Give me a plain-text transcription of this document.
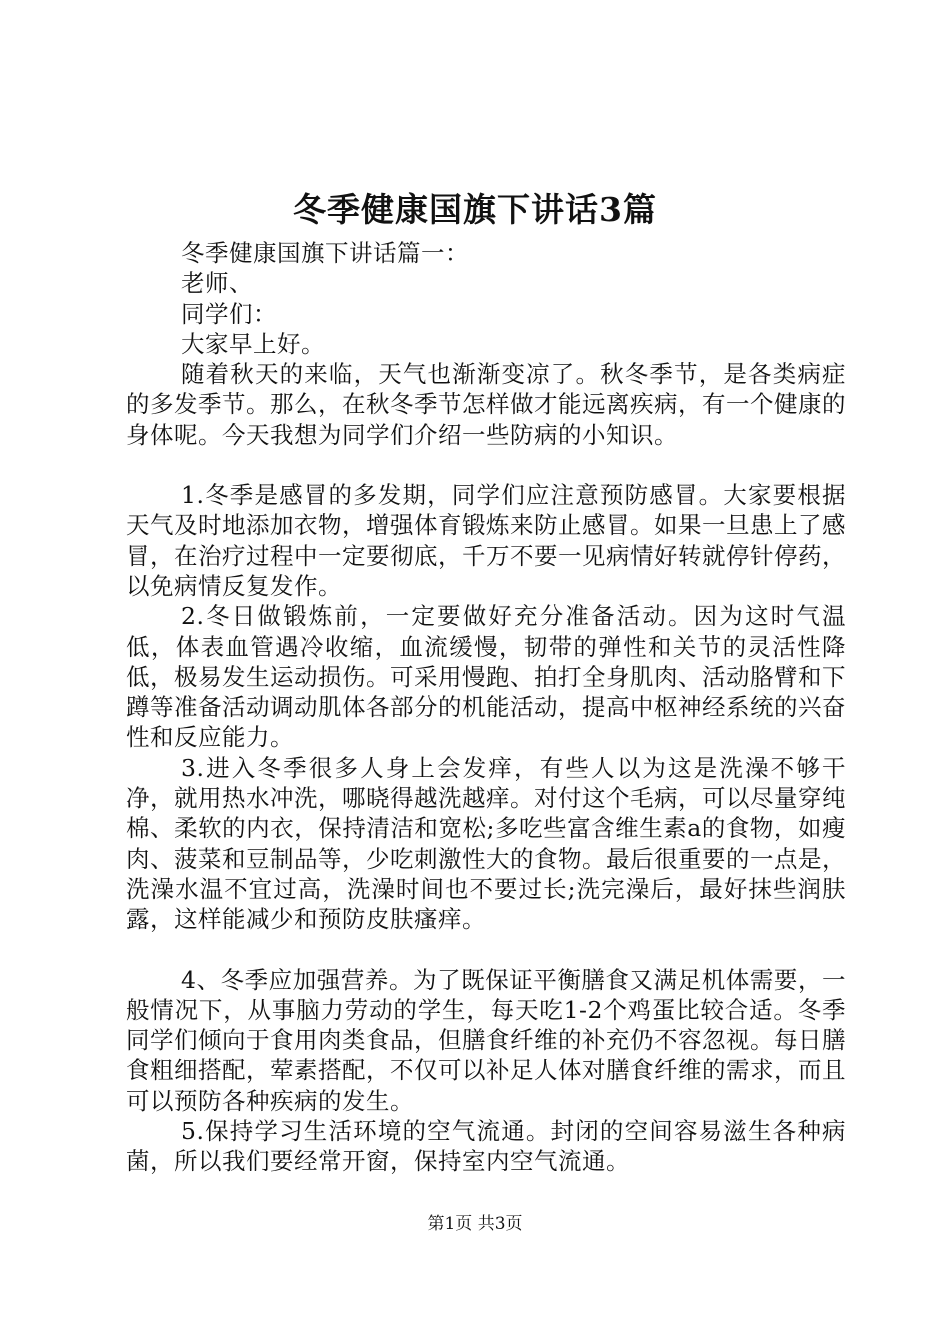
冬季健康国旗下讲话3篇

冬季健康国旗下讲话篇一：

老师、

同学们：

大家早上好。

随着秋天的来临，天气也渐渐变凉了。秋冬季节，是各类病症的多发季节。那么，在秋冬季节怎样做才能远离疾病，有一个健康的身体呢。今天我想为同学们介绍一些防病的小知识。

1.冬季是感冒的多发期，同学们应注意预防感冒。大家要根据天气及时地添加衣物，增强体育锻炼来防止感冒。如果一旦患上了感冒，在治疗过程中一定要彻底，千万不要一见病情好转就停针停药，以免病情反复发作。

2.冬日做锻炼前，一定要做好充分准备活动。因为这时气温低，体表血管遇冷收缩，血流缓慢，韧带的弹性和关节的灵活性降低，极易发生运动损伤。可采用慢跑、拍打全身肌肉、活动胳臂和下蹲等准备活动调动肌体各部分的机能活动，提高中枢神经系统的兴奋性和反应能力。

3.进入冬季很多人身上会发痒，有些人以为这是洗澡不够干净，就用热水冲洗，哪晓得越洗越痒。对付这个毛病，可以尽量穿纯棉、柔软的内衣，保持清洁和宽松;多吃些富含维生素a的食物，如瘦肉、菠菜和豆制品等，少吃刺激性大的食物。最后很重要的一点是，洗澡水温不宜过高，洗澡时间也不要过长;洗完澡后，最好抹些润肤露，这样能减少和预防皮肤瘙痒。

4、冬季应加强营养。为了既保证平衡膳食又满足机体需要，一般情况下，从事脑力劳动的学生，每天吃1-2个鸡蛋比较合适。冬季同学们倾向于食用肉类食品，但膳食纤维的补充仍不容忽视。每日膳食粗细搭配，荤素搭配，不仅可以补足人体对膳食纤维的需求，而且可以预防各种疾病的发生。

5.保持学习生活环境的空气流通。封闭的空间容易滋生各种病菌，所以我们要经常开窗，保持室内空气流通。

第1页 共3页
